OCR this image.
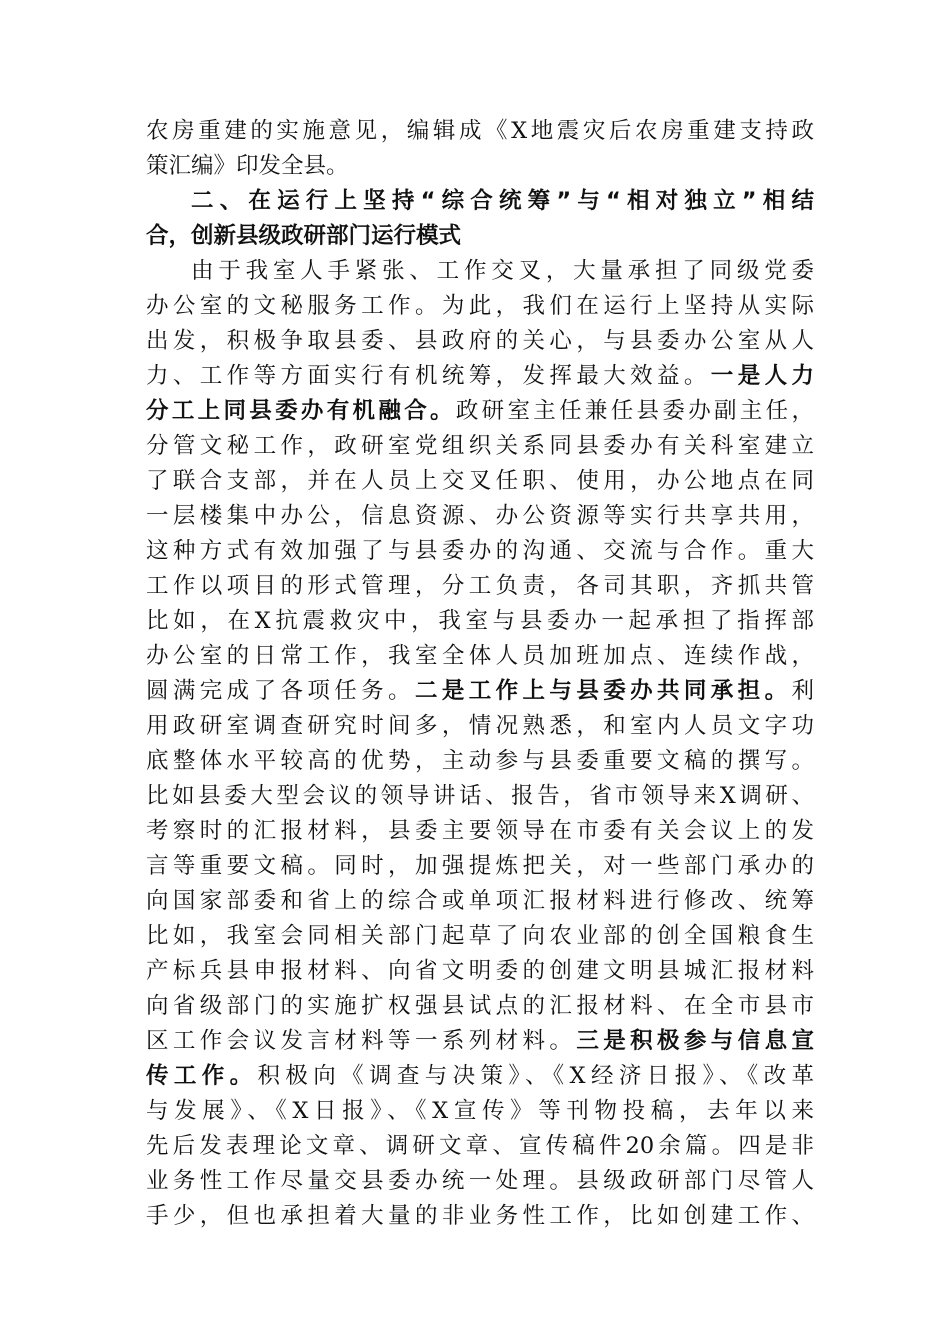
农房重建的实施意见，编辑成《X地震灾后农房重建支持政
策汇编》印发全县。
二、在运行上坚持“综合统筹”与“相对独立”相结
合，创新县级政研部门运行模式
由于我室人手紧张、工作交叉，大量承担了同级党委
办公室的文秘服务工作。为此，我们在运行上坚持从实际
出发，积极争取县委、县政府的关心，与县委办公室从人
力、工作等方面实行有机统筹，发挥最大效益。一是人力
分工上同县委办有机融合。政研室主任兼任县委办副主任，
分管文秘工作，政研室党组织关系同县委办有关科室建立
了联合支部，并在人员上交叉任职、使用，办公地点在同
一层楼集中办公，信息资源、办公资源等实行共享共用，
这种方式有效加强了与县委办的沟通、交流与合作。重大
工作以项目的形式管理，分工负责，各司其职，齐抓共管
比如，在X抗震救灾中，我室与县委办一起承担了指挥部
办公室的日常工作，我室全体人员加班加点、连续作战，
圆满完成了各项任务。二是工作上与县委办共同承担。利
用政研室调查研究时间多，情况熟悉，和室内人员文字功
底整体水平较高的优势，主动参与县委重要文稿的撰写。
比如县委大型会议的领导讲话、报告，省市领导来X调研、
考察时的汇报材料，县委主要领导在市委有关会议上的发
言等重要文稿。同时，加强提炼把关，对一些部门承办的
向国家部委和省上的综合或单项汇报材料进行修改、统筹
比如，我室会同相关部门起草了向农业部的创全国粮食生
产标兵县申报材料、向省文明委的创建文明县城汇报材料
向省级部门的实施扩权强县试点的汇报材料、在全市县市
区工作会议发言材料等一系列材料。三是积极参与信息宣
传工作。积极向《调查与决策》、《X经济日报》、《改革
与发展》、《X日报》、《X宣传》等刊物投稿，去年以来
先后发表理论文章、调研文章、宣传稿件20余篇。四是非
业务性工作尽量交县委办统一处理。县级政研部门尽管人
手少，但也承担着大量的非业务性工作，比如创建工作、
